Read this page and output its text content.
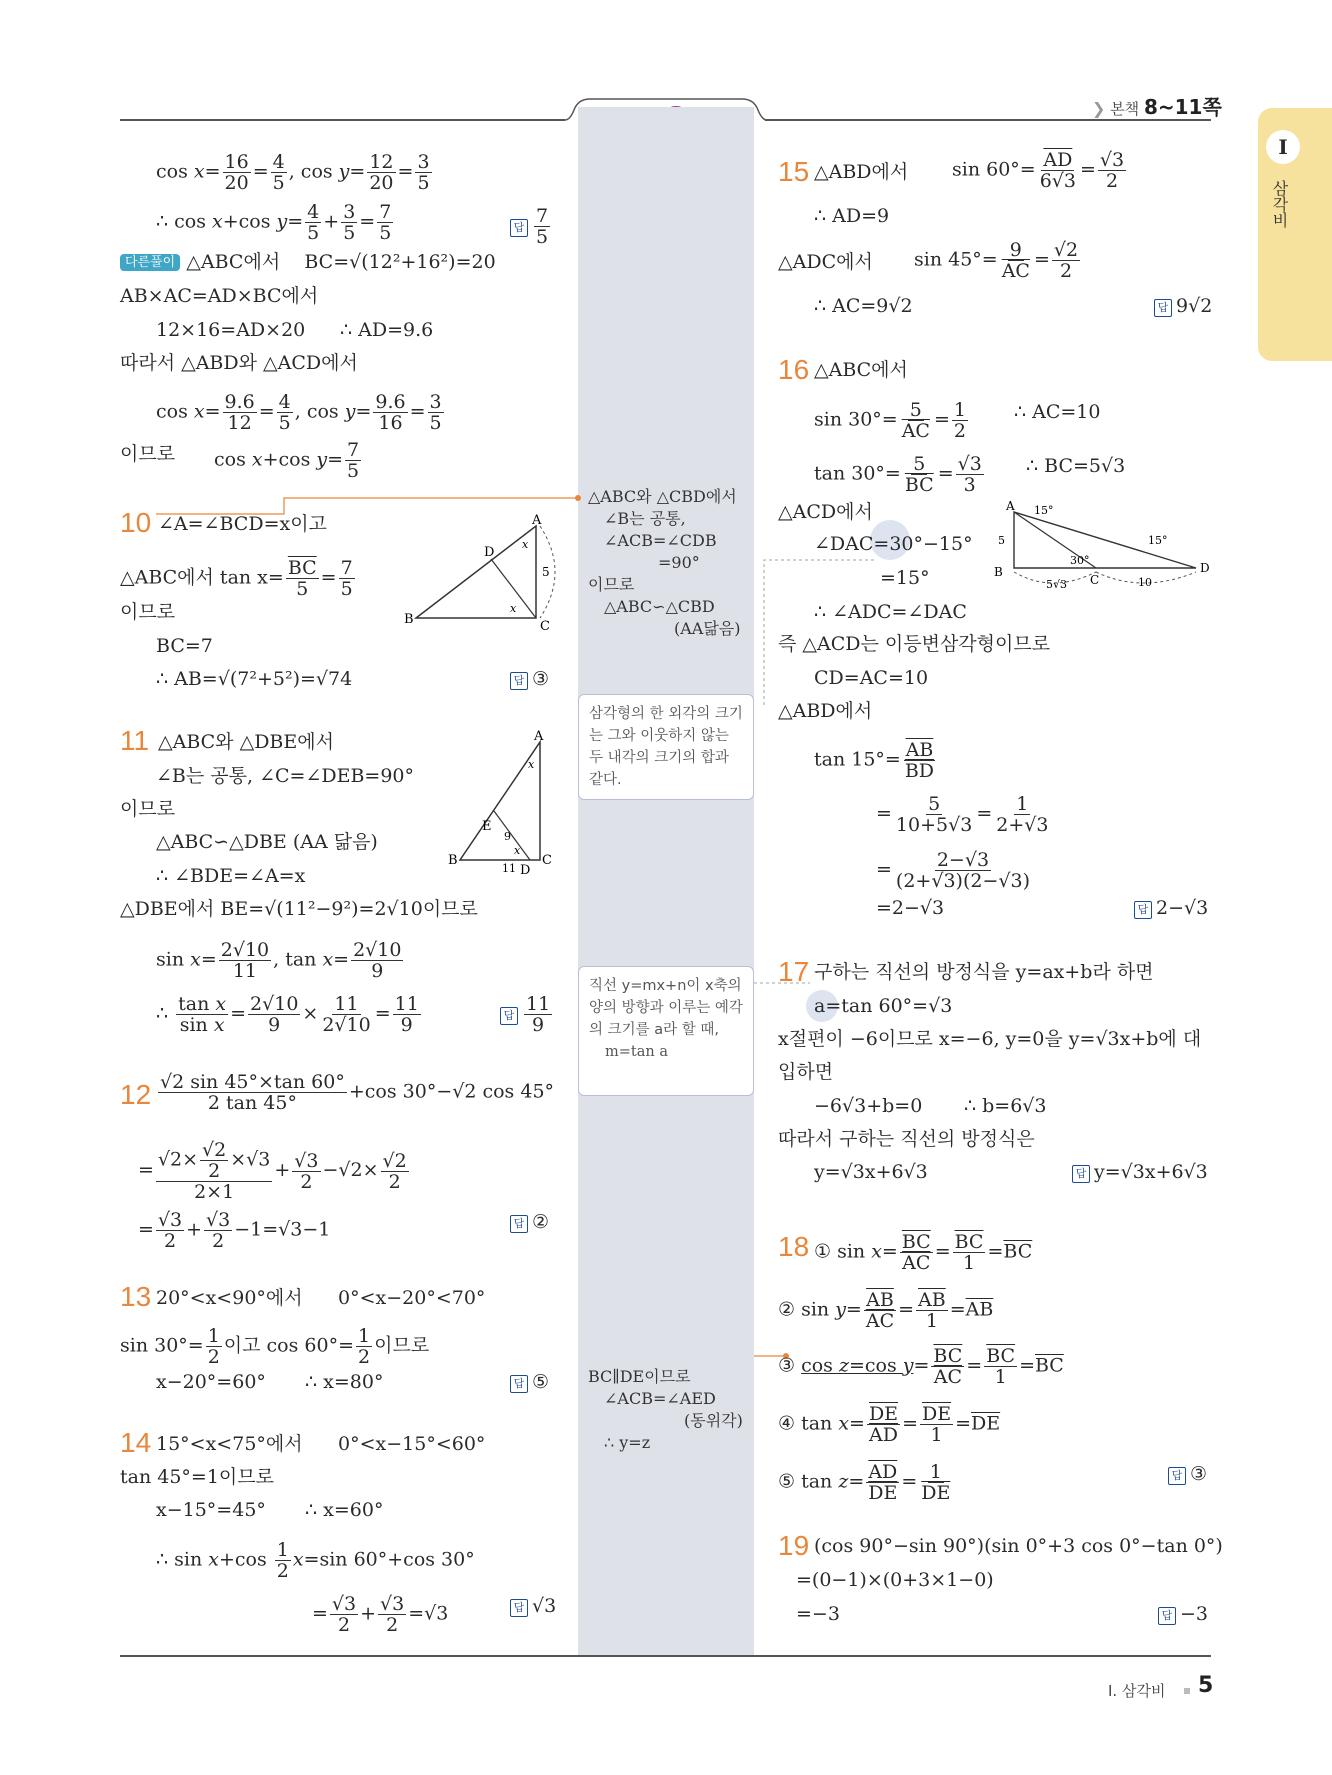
❯ 본책 8~11쪽
I
삼각비
$\cos x= \frac{16}{20} = \frac{4}{5}$ , $\cos y= \frac{12}{20} = \frac{3}{5}$
∴ cos x+cos $y= \frac{4}{5} + \frac{3}{5} = \frac{7}{5}$	답 $\frac{7}{5}$
다른풀이 △ABC에서 BC=√(12²+16²)=20
AB×AC=AD×BC에서
12×16=AD×20 ∴ AD=9.6
따라서 △ABD와 △ACD에서
$\cos x= \frac{9.6}{12} = \frac{4}{5}$ , $\cos y= \frac{9.6}{16} = \frac{3}{5}$
이므로 cos x+cos $y= \frac{7}{5}$
10 ∠A=∠BCD=x이고
△ABC에서 $\tan x= \frac{\overline{BC}}{5} = \frac{7}{5}$
이므로
BC=7
∴ AB=√(7²+5²)=√74	답 ③
A
B	C
D
5
x
x
11 △ABC와 △DBE에서
∠B는 공통, ∠C=∠DEB=90°
이므로
△ABC∽△DBE (AA 닮음)
∴ ∠BDE=∠A=x
△DBE에서 BE=√(11²−9²)=2√10이므로
$\sin x= \frac{2√10}{11}$ , $\tan x= \frac{2√10}{9}$
∴ $\frac{\text{tan x}}{\text{sin x}} = \frac{2√10}{9} \times \frac{11}{2√10} = \frac{11}{9}$	답 $\frac{11}{9}$
A
B	C
E
D
11
9
x
x
$12 \frac{√2 \sin 45^\circ\times\tan 60^\circ}{2 \tan 45^\circ} +\cos$ 30°−√2 cos 45°
= $\frac{√2\times \frac{√2}{2} \times√3}{2\times 1} + \frac{√3}{2} -√2\times \frac{√2}{2}$
= $\frac{√3}{2} + \frac{√3}{2} -1=√3-1$	답 ②
13 20°<x<90°에서 0°<x−20°<70°
$\sin 30^\circ= \frac{1}{2}$ 이고 $\cos 60^\circ= \frac{1}{2}$ 이므로
x−20°=60° ∴ x=80°	답 ⑤
14 15°<x<75°에서 0°<x−15°<60°
tan 45°=1이므로
x−15°=45° ∴ x=60°
∴ $\sin x+\cos \frac{1}{2} x=\sin$ 60°+cos 30°
= $\frac{√3}{2} + \frac{√3}{2} =√3$	답 √3
△ABC와 △CBD에서
∠B는 공통,
∠ACB=∠CDB
=90°
이므로
△ABC∽△CBD
(AA닮음)
삼각형의 한 외각의 크기는 그와 이웃하지 않는 두 내각의 크기의 합과 같다.
직선 y=mx+n이 x축의 양의 방향과 이루는 예각의 크기를 a라 할 때,
m=tan a
BC∥DE이므로
∠ACB=∠AED
(동위각)
∴ y=z
15 △ABD에서 $\sin 60^\circ= \frac{\overline{AD}}{6√3} = \frac{√3}{2}$
∴ AD=9
△ADC에서 $\sin 45^\circ= \frac{9}{AC} = \frac{√2}{2}$
∴ AC=9√2	답 9√2
16 △ABC에서
$\sin 30^\circ= \frac{5}{AC} = \frac{1}{2}$ ∴ AC=10
$\tan 30^\circ= \frac{5}{BC} = \frac{√3}{3}$ ∴ BC=5√3
△ACD에서
∠DAC=30°−15°
=15°
∴ ∠ADC=∠DAC
즉 △ACD는 이등변삼각형이므로
CD=AC=10
△ABD에서
$\tan 15^\circ= \frac{\overline{AB}}{BD}$
= $\frac{5}{10+5√3} = \frac{1}{2+√3}$
= $\frac{2-√3}{(2+√3)(2-√3)}$
=2−√3	답 2−√3
A
B
C
D
5
5√3	10
15°
30°
15°
17 구하는 직선의 방정식을 y=ax+b라 하면
a=tan 60°=√3
x절편이 −6이므로 x=−6, y=0을 y=√3x+b에 대
입하면
−6√3+b=0 ∴ b=6√3
따라서 구하는 직선의 방정식은
y=√3x+6√3	답 y=√3x+6√3
18 ① $\sin x= \frac{\overline{BC}}{AC} = \frac{\overline{BC}}{1} =\overline{BC}$
② $\sin y= \frac{\overline{AB}}{AC} = \frac{\overline{AB}}{1} =\overline{AB}$
③ cos z=cos $y= \frac{\overline{BC}}{AC} = \frac{\overline{BC}}{1} =\overline{BC}$
④ $\tan x= \frac{\overline{DE}}{AD} = \frac{\overline{DE}}{1} =\overline{DE}$
⑤ $\tan z= \frac{\overline{AD}}{DE} = \frac{1}{DE}$	답 ③
19 (cos 90°−sin 90°)(sin 0°+3 cos 0°−tan 0°)
=(0−1)×(0+3×1−0)
=−3	답 −3
I. 삼각비 5
